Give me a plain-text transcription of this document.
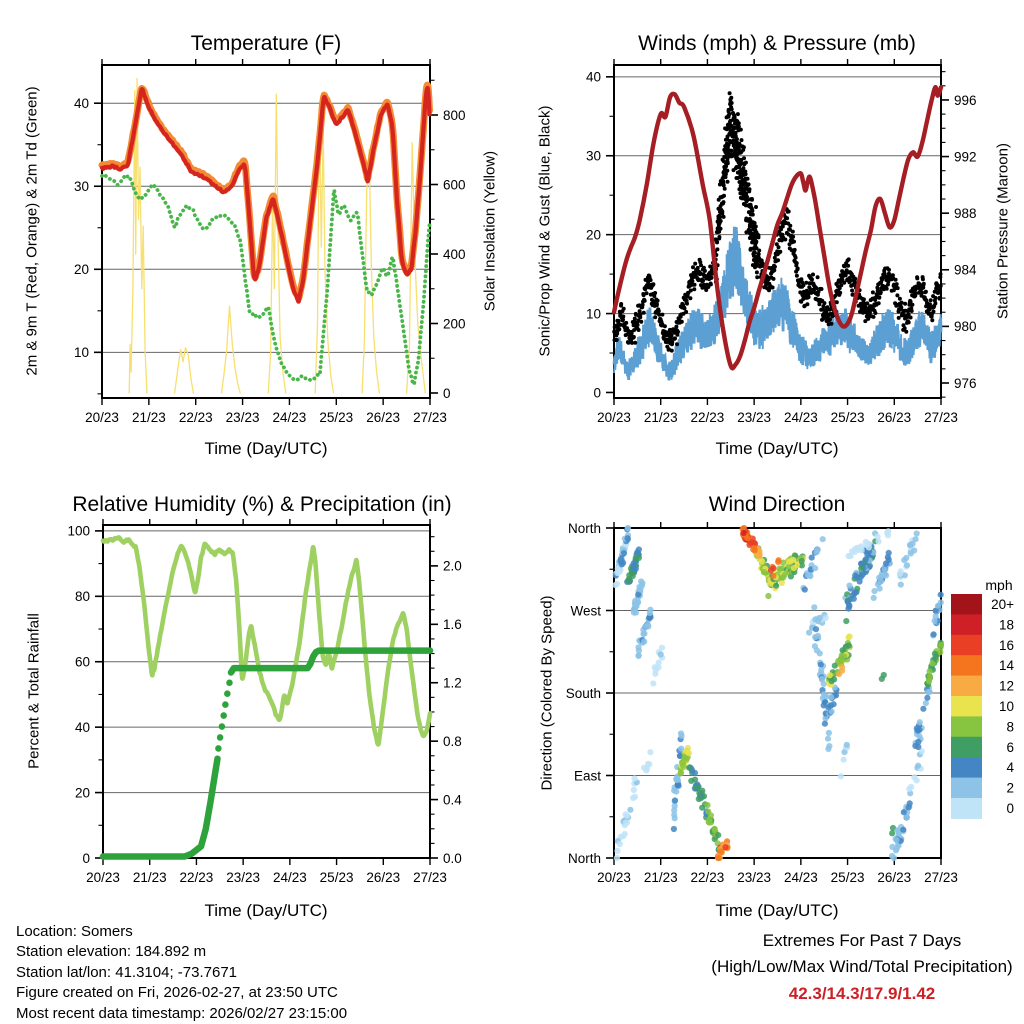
20/23 21/23 22/23 23/23 24/23 25/23 26/23 27/23
10
20
30
40
0
200
400
600
800
20/23 21/23 22/23 23/23 24/23 25/23 26/23 27/23
0
10
20
30
40
976
980
984
988
992
996
20/23 21/23 22/23 23/23 24/23 25/23 26/23 27/23
0
20
40
60
80
100
0.0
0.4
0.8
1.2
1.6
2.0
20/23 21/23 22/23 23/23 24/23 25/23 26/23 27/23
North
East
South
West
North
20+
18
16
14
12
10
8
6
4
2
0
Temperature (F)	Winds (mph) & Pressure (mb)
Relative Humidity (%) & Precipitation (in)	Wind Direction
Time (Day/UTC)	Time (Day/UTC)
Time (Day/UTC)	Time (Day/UTC)
2m & 9m T (Red, Orange) & 2m Td (Green)	Solar Insolation (Yellow)	Sonic/Prop Wind & Gust (Blue, Black)	Station Pressure (Maroon)
Percent & Total Rainfall	Direction (Colored By Speed)
mph
Location: Somers
Station elevation: 184.892 m
Station lat/lon: 41.3104; -73.7671
Figure created on Fri, 2026-02-27, at 23:50 UTC
Most recent data timestamp: 2026/02/27 23:15:00
Extremes For Past 7 Days
(High/Low/Max Wind/Total Precipitation)
42.3/14.3/17.9/1.42
